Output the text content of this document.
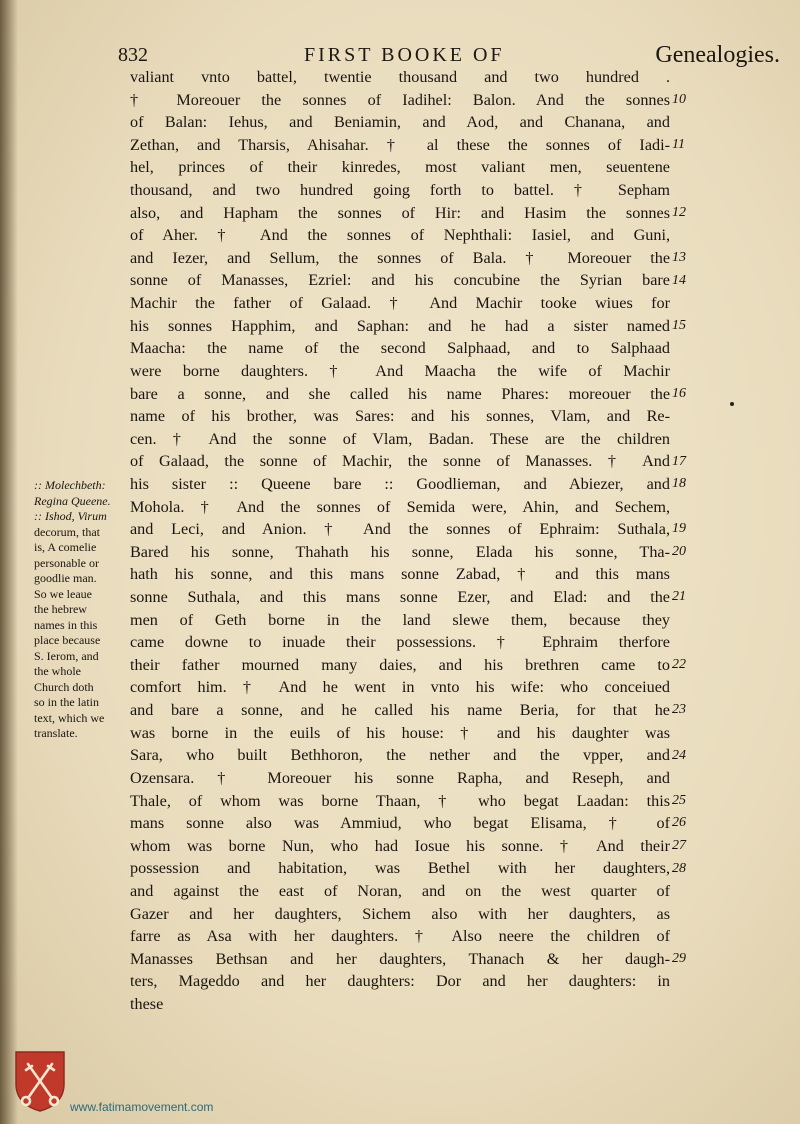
832	FIRST BOOKE OF	Genealogies.
valiant vnto battel, twentie thousand and two hundred .
† Moreouer the sonnes of Iadihel: Balon. And the sonnes
of Balan: Iehus, and Beniamin, and Aod, and Chanana, and
Zethan, and Tharsis, Ahisahar. † al these the sonnes of Iadi-
hel, princes of their kinredes, most valiant men, seuentene
thousand, and two hundred going forth to battel. † Sepham
also, and Hapham the sonnes of Hir: and Hasim the sonnes
of Aher. † And the sonnes of Nephthali: Iasiel, and Guni,
and Iezer, and Sellum, the sonnes of Bala. † Moreouer the
sonne of Manasses, Ezriel: and his concubine the Syrian bare
Machir the father of Galaad. † And Machir tooke wiues for
his sonnes Happhim, and Saphan: and he had a sister named
Maacha: the name of the second Salphaad, and to Salphaad
were borne daughters. † And Maacha the wife of Machir
bare a sonne, and she called his name Phares: moreouer the
name of his brother, was Sares: and his sonnes, Vlam, and Re-
cen. † And the sonne of Vlam, Badan. These are the children
of Galaad, the sonne of Machir, the sonne of Manasses. † And
his sister :: Queene bare :: Goodlieman, and Abiezer, and
Mohola. † And the sonnes of Semida were, Ahin, and Sechem,
and Leci, and Anion. † And the sonnes of Ephraim: Suthala,
Bared his sonne, Thahath his sonne, Elada his sonne, Tha-
hath his sonne, and this mans sonne Zabad, † and this mans
sonne Suthala, and this mans sonne Ezer, and Elad: and the
men of Geth borne in the land slewe them, because they
came downe to inuade their possessions. † Ephraim therfore
their father mourned many daies, and his brethren came to
comfort him. † And he went in vnto his wife: who conceiued
and bare a sonne, and he called his name Beria, for that he
was borne in the euils of his house: † and his daughter was
Sara, who built Bethhoron, the nether and the vpper, and
Ozensara. † Moreouer his sonne Rapha, and Reseph, and
Thale, of whom was borne Thaan, † who begat Laadan: this
mans sonne also was Ammiud, who begat Elisama, † of
whom was borne Nun, who had Iosue his sonne. † And their
possession and habitation, was Bethel with her daughters,
and against the east of Noran, and on the west quarter of
Gazer and her daughters, Sichem also with her daughters, as
farre as Asa with her daughters. † Also neere the children of
Manasses Bethsan and her daughters, Thanach & her daugh-
ters, Mageddo and her daughters: Dor and her daughters: in
these
10
11
12
13
14
15
16
17
18
19
20
21
22
23
24
25
26
27
28
29
:: Molechbeth:
Regina Queene.
:: Ishod, Virum
decorum, that
is, A comelie
personable or
goodlie man.
So we leaue
the hebrew
names in this
place because
S. Ierom, and
the whole
Church doth
so in the latin
text, which we
translate.
www.fatimamovement.com
